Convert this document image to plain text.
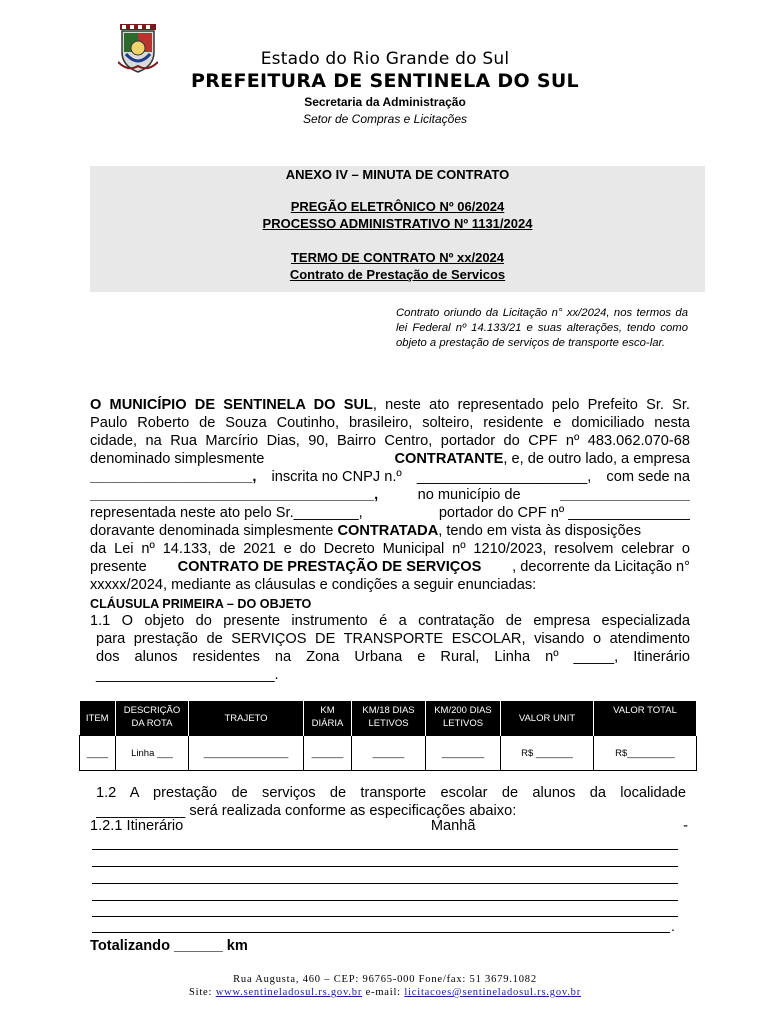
Estado do Rio Grande do Sul
PREFEITURA DE SENTINELA DO SUL
Secretaria da Administração
Setor de Compras e Licitações
ANEXO IV – MINUTA DE CONTRATO
PREGÃO ELETRÔNICO Nº 06/2024
PROCESSO ADMINISTRATIVO Nº 1131/2024
TERMO DE CONTRATO Nº xx/2024
Contrato de Prestação de Servicos
Contrato oriundo da Licitação n° xx/2024, nos termos da lei Federal nº 14.133/21 e suas alterações, tendo como objeto a prestação de serviços de transporte esco-lar.
O MUNICÍPIO DE SENTINELA DO SUL, neste ato representado pelo Prefeito Sr. Sr.
Paulo Roberto de Souza Coutinho, brasileiro, solteiro, residente e domiciliado nesta
cidade, na Rua Marcírio Dias, 90, Bairro Centro, portador do CPF nº 483.062.070-68
denominado simplesmente	CONTRATANTE, e, de outro lado, a empresa
____________________, inscrita no CNPJ n.º _____________________, com sede na
___________________________________,	no município de	________________
representada neste ato pelo Sr.________,	portador do CPF nº _______________
doravante denominada simplesmente CONTRATADA, tendo em vista às disposições
da Lei nº 14.133, de 2021 e do Decreto Municipal nº 1210/2023, resolvem celebrar o
presente CONTRATO DE PRESTAÇÃO DE SERVIÇOS , decorrente da Licitação n°
xxxxx/2024, mediante as cláusulas e condições a seguir enunciadas:
CLÁUSULA PRIMEIRA – DO OBJETO
1.1 O objeto do presente instrumento é a contratação de empresa especializada
para prestação de SERVIÇOS DE TRANSPORTE ESCOLAR, visando o atendimento
dos alunos residentes na Zona Urbana e Rural, Linha nº _____, Itinerário
______________________.
ITEM	DESCRIÇÃO DA ROTA	TRAJETO	KM DIÁRIA	KM/18 DIAS LETIVOS	KM/200 DIAS LETIVOS	VALOR UNIT	VALOR TOTAL
____	Linha ___	________________	______	______	________	R$ _______	R$_________
1.2 A prestação de serviços de transporte escolar de alunos da localidade
___________ será realizada conforme as especificações abaixo:
1.2.1 Itinerário	Manhã	-
.
Totalizando ______ km
Rua Augusta, 460 – CEP: 96765-000 Fone/fax: 51 3679.1082
Site: www.sentineladosul.rs.gov.br e-mail: licitacoes@sentineladosul.rs.gov.br
